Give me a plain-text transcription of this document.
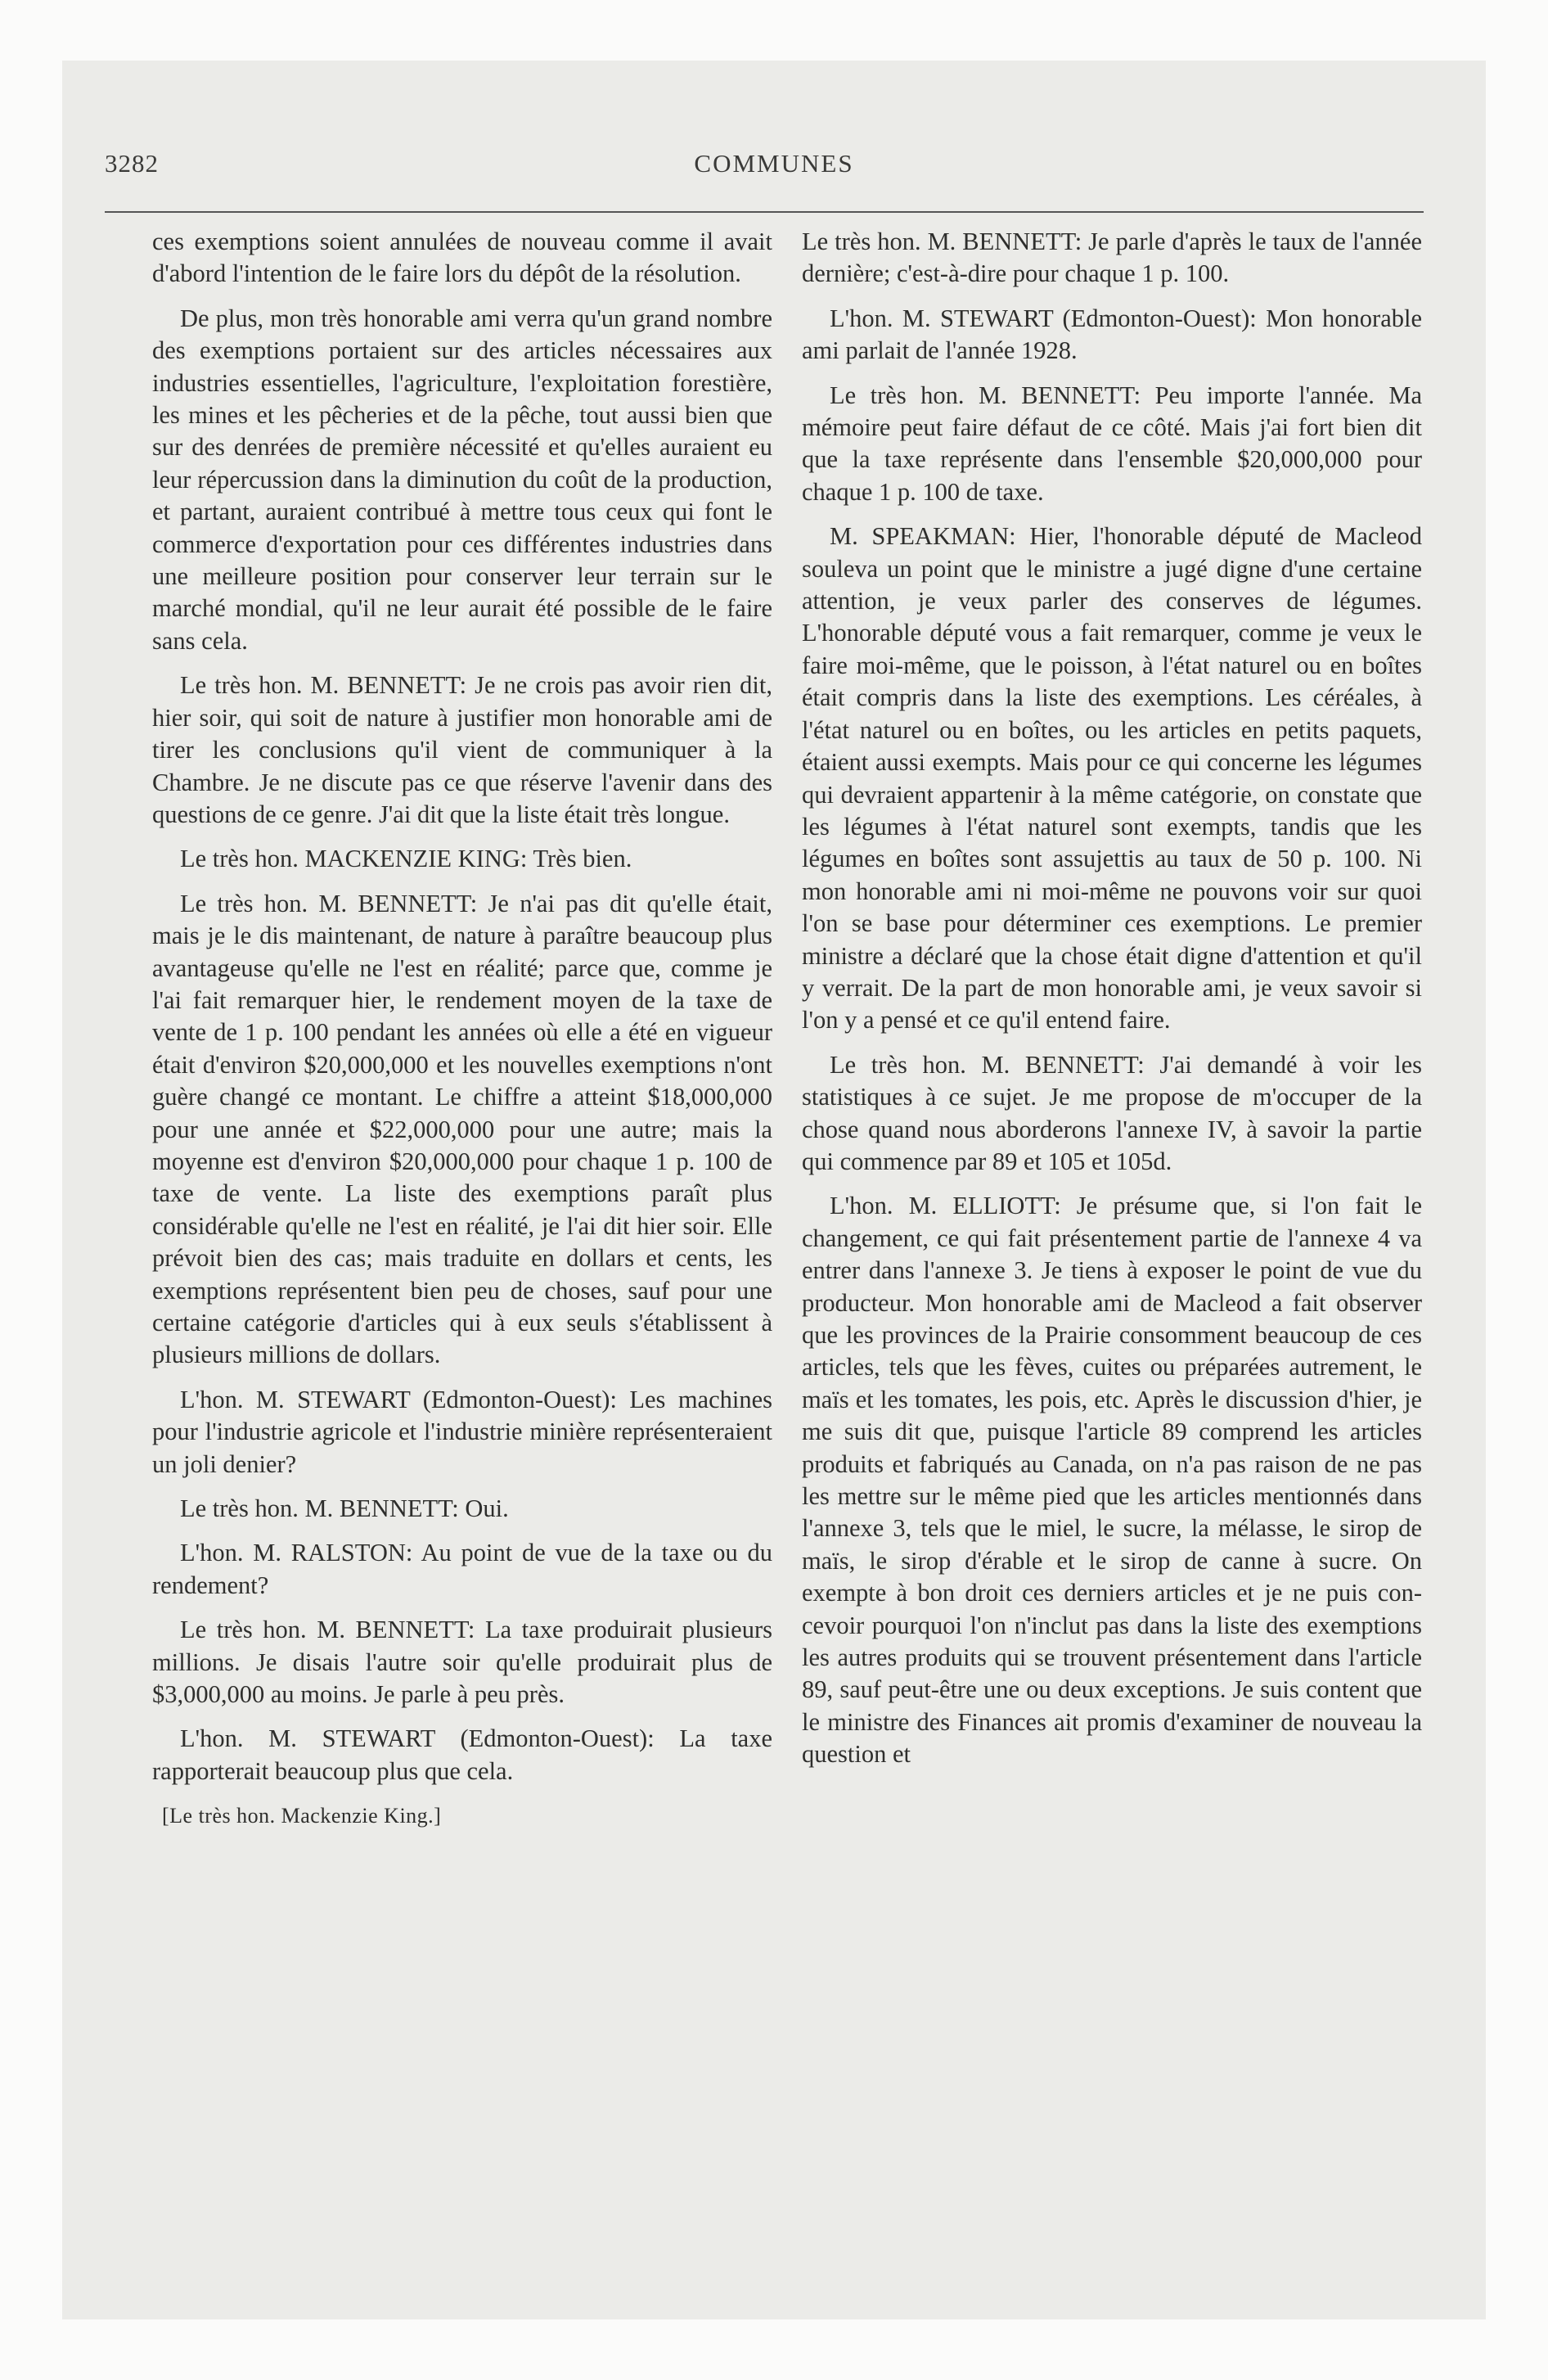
3282	COMMUNES

ces exemptions soient annulées de nouveau comme il avait d'abord l'intention de le faire lors du dépôt de la résolution.

De plus, mon très honorable ami verra qu'un grand nombre des exemptions portaient sur des articles nécessaires aux industries essentielles, l'agriculture, l'exploitation forestière, les mines et les pêcheries et de la pêche, tout aussi bien que sur des denrées de première nécessité et qu'elles auraient eu leur répercussion dans la diminution du coût de la production, et partant, auraient contribué à mettre tous ceux qui font le commerce d'exportation pour ces différentes industries dans une meilleure position pour conserver leur terrain sur le marché mondial, qu'il ne leur aurait été possible de le faire sans cela.

Le très hon. M. BENNETT: Je ne crois pas avoir rien dit, hier soir, qui soit de nature à justifier mon honorable ami de tirer les conclusions qu'il vient de communiquer à la Chambre. Je ne discute pas ce que réserve l'avenir dans des questions de ce genre. J'ai dit que la liste était très longue.

Le très hon. MACKENZIE KING: Très bien.

Le très hon. M. BENNETT: Je n'ai pas dit qu'elle était, mais je le dis maintenant, de nature à paraître beaucoup plus avantageuse qu'elle ne l'est en réalité; parce que, comme je l'ai fait remarquer hier, le rendement moyen de la taxe de vente de 1 p. 100 pendant les années où elle a été en vigueur était d'environ $20,000,000 et les nouvelles exemptions n'ont guère changé ce montant. Le chiffre a atteint $18,000,000 pour une année et $22,000,000 pour une autre; mais la moyenne est d'environ $20,000,000 pour chaque 1 p. 100 de taxe de vente. La liste des exemptions paraît plus considérable qu'elle ne l'est en réalité, je l'ai dit hier soir. Elle prévoit bien des cas; mais traduite en dollars et cents, les exemptions représentent bien peu de choses, sauf pour une certaine catégorie d'articles qui à eux seuls s'établissent à plusieurs millions de dollars.

L'hon. M. STEWART (Edmonton-Ouest): Les machines pour l'industrie agricole et l'industrie minière représenteraient un joli denier?

Le très hon. M. BENNETT: Oui.

L'hon. M. RALSTON: Au point de vue de la taxe ou du rendement?

Le très hon. M. BENNETT: La taxe produirait plusieurs millions. Je disais l'autre soir qu'elle produirait plus de $3,000,000 au moins. Je parle à peu près.

L'hon. M. STEWART (Edmonton-Ouest): La taxe rapporterait beaucoup plus que cela.

[Le très hon. Mackenzie King.]

Le très hon. M. BENNETT: Je parle d'après le taux de l'année dernière; c'est-à-dire pour chaque 1 p. 100.

L'hon. M. STEWART (Edmonton-Ouest): Mon honorable ami parlait de l'année 1928.

Le très hon. M. BENNETT: Peu importe l'année. Ma mémoire peut faire défaut de ce côté. Mais j'ai fort bien dit que la taxe représente dans l'ensemble $20,000,000 pour chaque 1 p. 100 de taxe.

M. SPEAKMAN: Hier, l'honorable député de Macleod souleva un point que le ministre a jugé digne d'une certaine attention, je veux parler des conserves de légumes. L'honorable député vous a fait remarquer, comme je veux le faire moi-même, que le poisson, à l'état naturel ou en boîtes était compris dans la liste des exemptions. Les céréales, à l'état naturel ou en boîtes, ou les articles en petits paquets, étaient aussi exempts. Mais pour ce qui concerne les légumes qui devraient appartenir à la même catégorie, on constate que les légumes à l'état naturel sont exempts, tandis que les légumes en boîtes sont assujettis au taux de 50 p. 100. Ni mon honorable ami ni moi-même ne pouvons voir sur quoi l'on se base pour déterminer ces exemptions. Le premier ministre a déclaré que la chose était digne d'attention et qu'il y verrait. De la part de mon honorable ami, je veux savoir si l'on y a pensé et ce qu'il entend faire.

Le très hon. M. BENNETT: J'ai demandé à voir les statistiques à ce sujet. Je me propose de m'occuper de la chose quand nous aborderons l'annexe IV, à savoir la partie qui commence par 89 et 105 et 105d.

L'hon. M. ELLIOTT: Je présume que, si l'on fait le changement, ce qui fait présentement partie de l'annexe 4 va entrer dans l'annexe 3. Je tiens à exposer le point de vue du producteur. Mon honorable ami de Macleod a fait observer que les provinces de la Prairie consomment beaucoup de ces articles, tels que les fèves, cuites ou préparées autrement, le maïs et les tomates, les pois, etc. Après le discussion d'hier, je me suis dit que, puisque l'article 89 comprend les articles produits et fabriqués au Canada, on n'a pas raison de ne pas les mettre sur le même pied que les articles mentionnés dans l'annexe 3, tels que le miel, le sucre, la mélasse, le sirop de maïs, le sirop d'érable et le sirop de canne à sucre. On exempte à bon droit ces derniers articles et je ne puis concevoir pourquoi l'on n'inclut pas dans la liste des exemptions les autres produits qui se trouvent présentement dans l'article 89, sauf peut-être une ou deux exceptions. Je suis content que le ministre des Finances ait promis d'examiner de nouveau la question et
